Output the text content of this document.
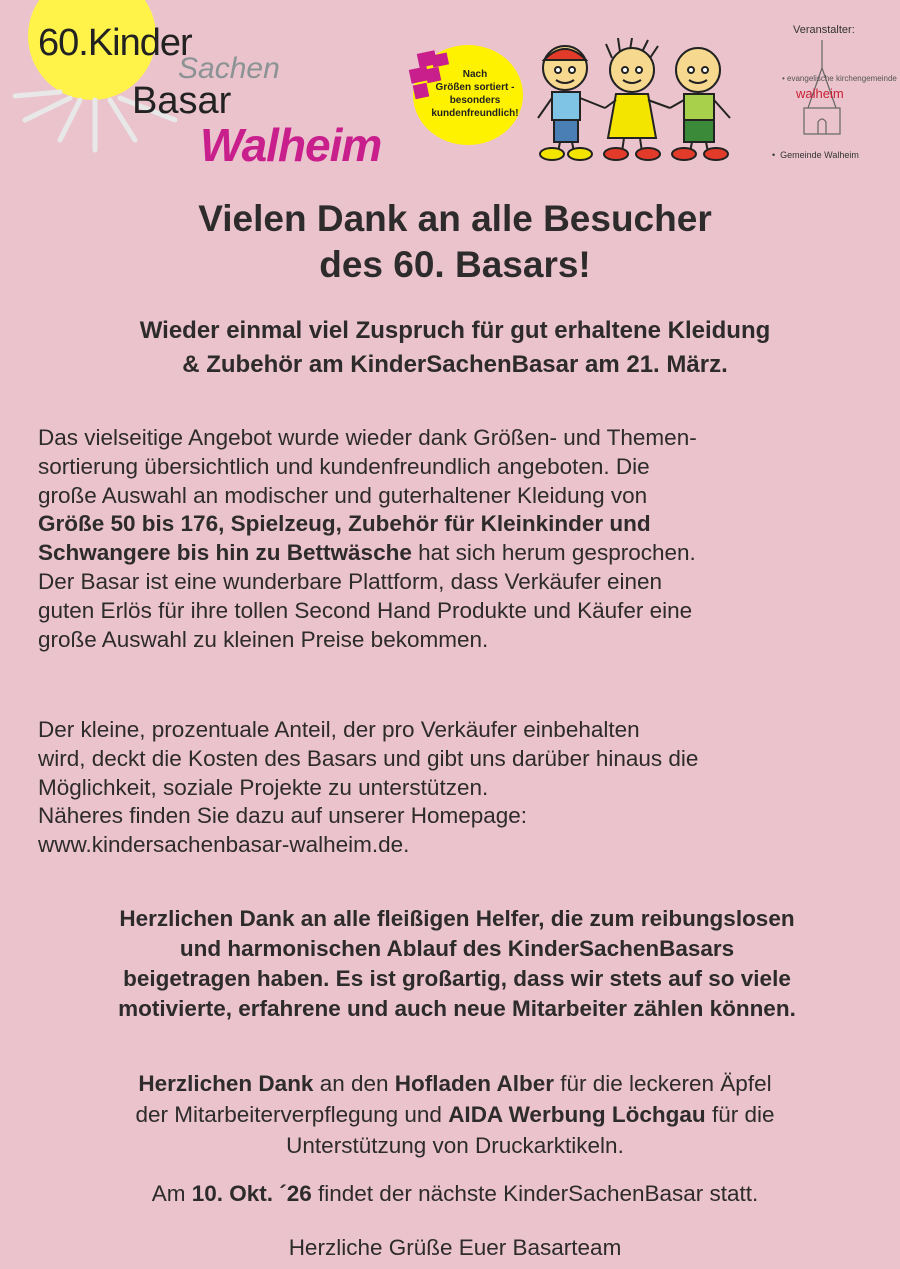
60.Kinder
Sachen
Basar
Walheim
Nach
Größen sortiert -
besonders
kundenfreundlich!
Veranstalter:
• evangelische kirchengemeinde
walheim
•  Gemeinde Walheim
Vielen Dank an alle Besucher
des 60. Basars!
Wieder einmal viel Zuspruch für gut erhaltene Kleidung
& Zubehör am KinderSachenBasar am 21. März.
Das vielseitige Angebot wurde wieder dank Größen- und Themen-
sortierung übersichtlich und kundenfreundlich angeboten. Die
große Auswahl an modischer und guterhaltener Kleidung von
Größe 50 bis 176, Spielzeug, Zubehör für Kleinkinder und
Schwangere bis hin zu Bettwäsche hat sich herum gesprochen.
Der Basar ist eine wunderbare Plattform, dass Verkäufer einen
guten Erlös für ihre tollen Second Hand Produkte und Käufer eine
große Auswahl zu kleinen Preise bekommen.
Der kleine, prozentuale Anteil, der pro Verkäufer einbehalten
wird, deckt die Kosten des Basars und gibt uns darüber hinaus die
Möglichkeit, soziale Projekte zu unterstützen.
Näheres finden Sie dazu auf unserer Homepage:
www.kindersachenbasar-walheim.de.
Herzlichen Dank an alle fleißigen Helfer, die zum reibungslosen
und harmonischen Ablauf des KinderSachenBasars
beigetragen haben. Es ist großartig, dass wir stets auf so viele
motivierte, erfahrene und auch neue Mitarbeiter zählen können.
Herzlichen Dank an den Hofladen Alber für die leckeren Äpfel
der Mitarbeiterverpflegung und AIDA Werbung Löchgau für die
Unterstützung von Druckarktikeln.
Am 10. Okt. ´26 findet der nächste KinderSachenBasar statt.
Herzliche Grüße Euer Basarteam
